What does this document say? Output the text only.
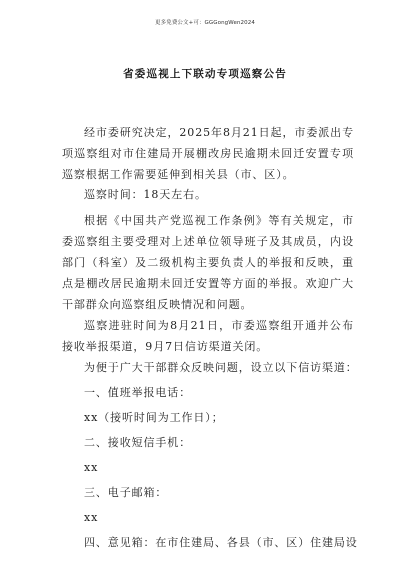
更多免费公文+可：GGGongWen2024
省委巡视上下联动专项巡察公告

经市委研究决定，2025年8月21日起，市委派出专项巡察组对市住建局开展棚改房民逾期未回迁安置专项巡察根据工作需要延伸到相关县（市、区）。

巡察时间：18天左右。

根据《中国共产党巡视工作条例》等有关规定，市委巡察组主要受理对上述单位领导班子及其成员，内设部门（科室）及二级机构主要负责人的举报和反映，重点是棚改居民逾期未回迁安置等方面的举报。欢迎广大干部群众向巡察组反映情况和问题。

巡察进驻时间为8月21日，市委巡察组开通并公布接收举报渠道，9月7日信访渠道关闭。

为便于广大干部群众反映问题，设立以下信访渠道：

一、值班举报电话：

xx（接听时间为工作日）；

二、接收短信手机：

xx

三、电子邮箱：

xx

四、意见箱：在市住建局、各县（市、区）住建局设
